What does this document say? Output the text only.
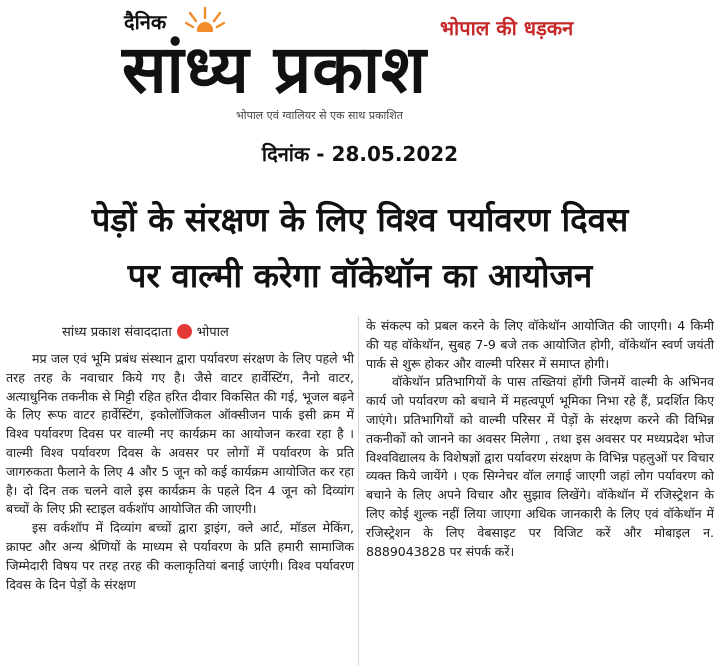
दैनिक	भोपाल की धड़कन
सांध्य प्रकाश
भोपाल एवं ग्वालियर से एक साथ प्रकाशित
दिनांक - 28.05.2022
पेड़ों के संरक्षण के लिए विश्व पर्यावरण दिवस
पर वाल्मी करेगा वॉकेथॉन का आयोजन
सांध्य प्रकाश संवाददाता भोपाल

मप्र जल एवं भूमि प्रबंध संस्थान द्वारा पर्यावरण संरक्षण के लिए पहले भी तरह तरह के नवाचार किये गए है। जैसे वाटर हार्वेस्टिंग, नैनो वाटर, अत्याधुनिक तकनीक से मिट्टी रहित हरित दीवार विकसित की गई, भूजल बढ़ने के लिए रूफ वाटर हार्वेस्टिंग, इकोलॉजिकल ऑक्सीजन पार्क इसी क्रम में विश्व पर्यावरण दिवस पर वाल्मी नए कार्यक्रम का आयोजन करवा रहा है । वाल्मी विश्व पर्यावरण दिवस के अवसर पर लोगों में पर्यावरण के प्रति जागरुकता फैलाने के लिए 4 और 5 जून को कई कार्यक्रम आयोजित कर रहा है। दो दिन तक चलने वाले इस कार्यक्रम के पहले दिन 4 जून को दिव्यांग बच्चों के लिए फ्री स्टाइल वर्कशॉप आयोजित की जाएगी।

इस वर्कशॉप में दिव्यांग बच्चों द्वारा ड्राइंग, क्ले आर्ट, मॉडल मेकिंग, क्राफ्ट और अन्य श्रेणियों के माध्यम से पर्यावरण के प्रति हमारी सामाजिक जिम्मेदारी विषय पर तरह तरह की कलाकृतियां बनाई जाएंगी। विश्व पर्यावरण दिवस के दिन पेड़ों के संरक्षण

के संकल्प को प्रबल करने के लिए वॉकेथॉन आयोजित की जाएगी। 4 किमी की यह वॉकेथॉन, सुबह 7-9 बजे तक आयोजित होगी, वॉकेथॉन स्वर्ण जयंती पार्क से शुरू होकर और वाल्मी परिसर में समाप्त होगी।

वॉकेथॉन प्रतिभागियों के पास तख्तियां होंगी जिनमें वाल्मी के अभिनव कार्य जो पर्यावरण को बचाने में महत्वपूर्ण भूमिका निभा रहे हैं, प्रदर्शित किए जाएंगे। प्रतिभागियों को वाल्मी परिसर में पेड़ों के संरक्षण करने की विभिन्न तकनीकों को जानने का अवसर मिलेगा , तथा इस अवसर पर मध्यप्रदेश भोज विश्वविद्यालय के विशेषज्ञों द्वारा पर्यावरण संरक्षण के विभिन्न पहलुओं पर विचार व्यक्त किये जायेंगे । एक सिग्नेचर वॉल लगाई जाएगी जहां लोग पर्यावरण को बचाने के लिए अपने विचार और सुझाव लिखेंगे। वॉकेथॉन में रजिस्ट्रेशन के लिए कोई शुल्क नहीं लिया जाएगा अधिक जानकारी के लिए एवं वॉकेथॉन में रजिस्ट्रेशन के लिए वेबसाइट पर विजिट करें और मोबाइल न. 8889043828 पर संपर्क करें।
